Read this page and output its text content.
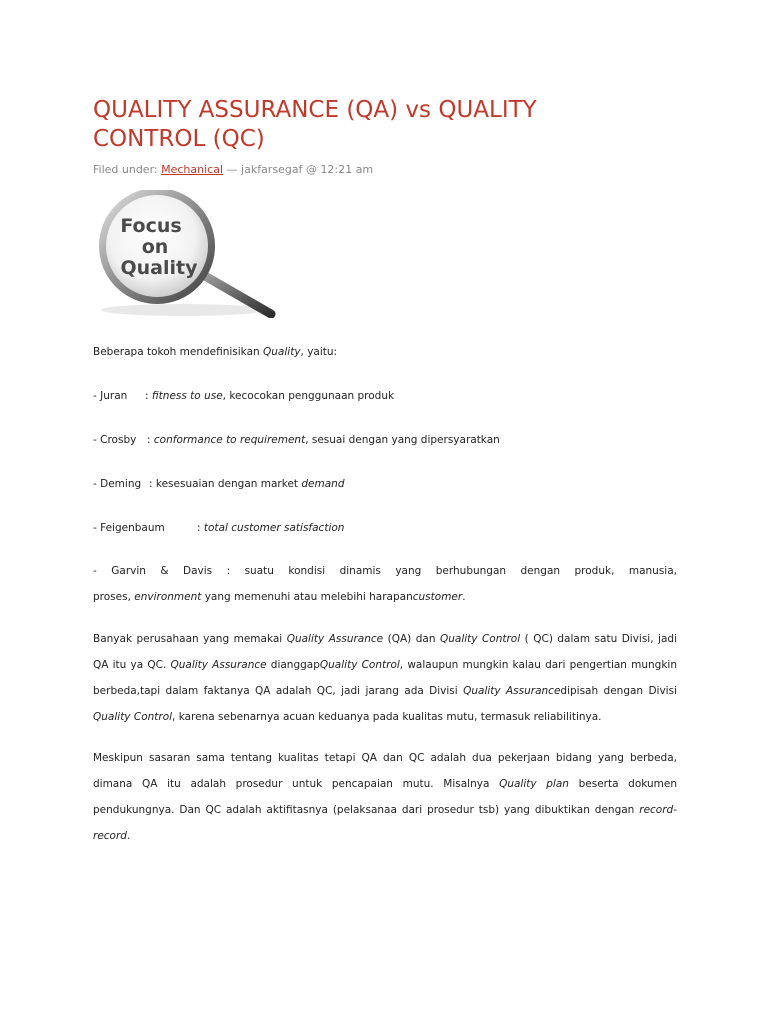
QUALITY ASSURANCE (QA) vs QUALITY CONTROL (QC)
Filed under: Mechanical — jakfarsegaf @ 12:21 am
Focus
on
Quality
Beberapa tokoh mendefinisikan Quality, yaitu:
- Juran : fitness to use, kecocokan penggunaan produk
- Crosby : conformance to requirement, sesuai dengan yang dipersyaratkan
- Deming : kesesuaian dengan market demand
- Feigenbaum	: total customer satisfaction

- Garvin & Davis : suatu kondisi dinamis yang berhubungan dengan produk, manusia,

proses, environment yang memenuhi atau melebihi harapancustomer.

Banyak perusahaan yang memakai Quality Assurance (QA) dan Quality Control ( QC) dalam satu Divisi, jadi QA itu ya QC. Quality Assurance dianggapQuality Control, walaupun mungkin kalau dari pengertian mungkin berbeda,tapi dalam faktanya QA adalah QC, jadi jarang ada Divisi Quality Assurancedipisah dengan Divisi Quality Control, karena sebenarnya acuan keduanya pada kualitas mutu, termasuk reliabilitinya.

Meskipun sasaran sama tentang kualitas tetapi QA dan QC adalah dua pekerjaan bidang yang berbeda, dimana QA itu adalah prosedur untuk pencapaian mutu. Misalnya Quality plan beserta dokumen pendukungnya. Dan QC adalah aktifitasnya (pelaksanaa dari prosedur tsb) yang dibuktikan dengan record-record.
